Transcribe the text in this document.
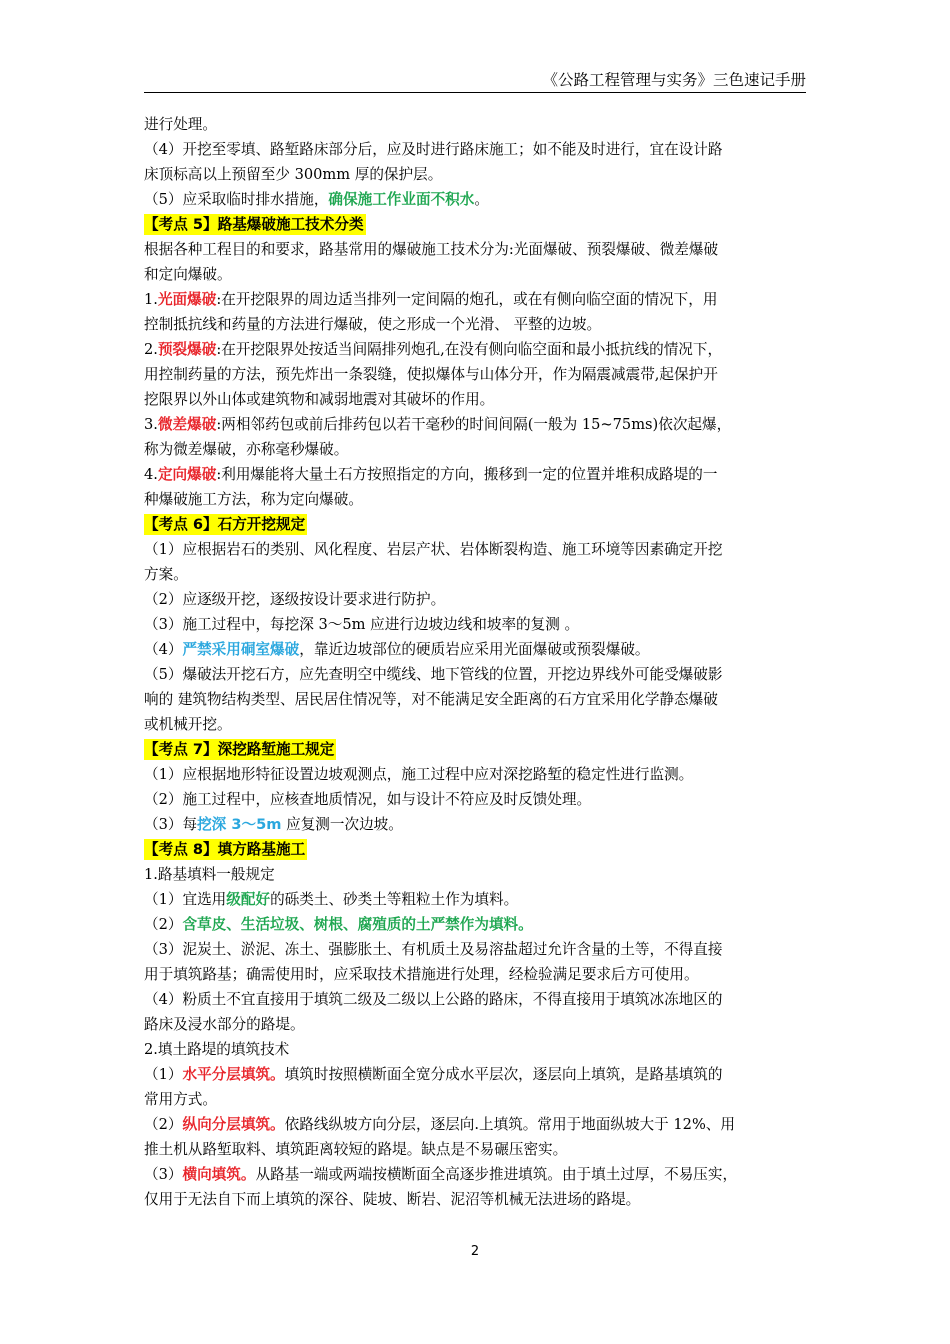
《公路工程管理与实务》三色速记手册
进行处理。
（4）开挖至零填、路堑路床部分后，应及时进行路床施工；如不能及时进行，宜在设计路
床顶标高以上预留至少 300mm 厚的保护层。
（5）应采取临时排水措施，确保施工作业面不积水。
【考点 5】路基爆破施工技术分类
根据各种工程目的和要求，路基常用的爆破施工技术分为:光面爆破、预裂爆破、微差爆破
和定向爆破。
1.光面爆破:在开挖限界的周边适当排列一定间隔的炮孔，或在有侧向临空面的情况下，用
控制抵抗线和药量的方法进行爆破，使之形成一个光滑、 平整的边坡。
2.预裂爆破:在开挖限界处按适当间隔排列炮孔,在没有侧向临空面和最小抵抗线的情况下，
用控制药量的方法，预先炸出一条裂缝，使拟爆体与山体分开，作为隔震减震带,起保护开
挖限界以外山体或建筑物和减弱地震对其破坏的作用。
3.微差爆破:两相邻药包或前后排药包以若干毫秒的时间间隔(一般为 15~75ms)依次起爆，
称为微差爆破，亦称毫秒爆破。
4.定向爆破:利用爆能将大量土石方按照指定的方向，搬移到一定的位置并堆积成路堤的一
种爆破施工方法，称为定向爆破。
【考点 6】石方开挖规定
（1）应根据岩石的类别、风化程度、岩层产状、岩体断裂构造、施工环境等因素确定开挖
方案。
（2）应逐级开挖，逐级按设计要求进行防护。
（3）施工过程中，每挖深 3～5m 应进行边坡边线和坡率的复测 。
（4）严禁采用硐室爆破，靠近边坡部位的硬质岩应采用光面爆破或预裂爆破。
（5）爆破法开挖石方，应先查明空中缆线、地下管线的位置，开挖边界线外可能受爆破影
响的 建筑物结构类型、居民居住情况等，对不能满足安全距离的石方宜采用化学静态爆破
或机械开挖。
【考点 7】深挖路堑施工规定
（1）应根据地形特征设置边坡观测点，施工过程中应对深挖路堑的稳定性进行监测。
（2）施工过程中，应核查地质情况，如与设计不符应及时反馈处理。
（3）每挖深 3～5m 应复测一次边坡。
【考点 8】填方路基施工
1.路基填料一般规定
（1）宜选用级配好的砾类土、砂类土等粗粒土作为填料。
（2）含草皮、生活垃圾、树根、腐殖质的土严禁作为填料。
（3）泥炭土、淤泥、冻土、强膨胀土、有机质土及易溶盐超过允许含量的土等，不得直接
用于填筑路基；确需使用时，应采取技术措施进行处理，经检验满足要求后方可使用。
（4）粉质土不宜直接用于填筑二级及二级以上公路的路床，不得直接用于填筑冰冻地区的
路床及浸水部分的路堤。
2.填土路堤的填筑技术
（1）水平分层填筑。填筑时按照横断面全宽分成水平层次，逐层向上填筑，是路基填筑的
常用方式。
（2）纵向分层填筑。依路线纵坡方向分层，逐层向.上填筑。常用于地面纵坡大于 12%、用
推土机从路堑取料、填筑距离较短的路堤。缺点是不易碾压密实。
（3）横向填筑。从路基一端或两端按横断面全高逐步推进填筑。由于填土过厚，不易压实，
仅用于无法自下而上填筑的深谷、陡坡、断岩、泥沼等机械无法进场的路堤。
2
